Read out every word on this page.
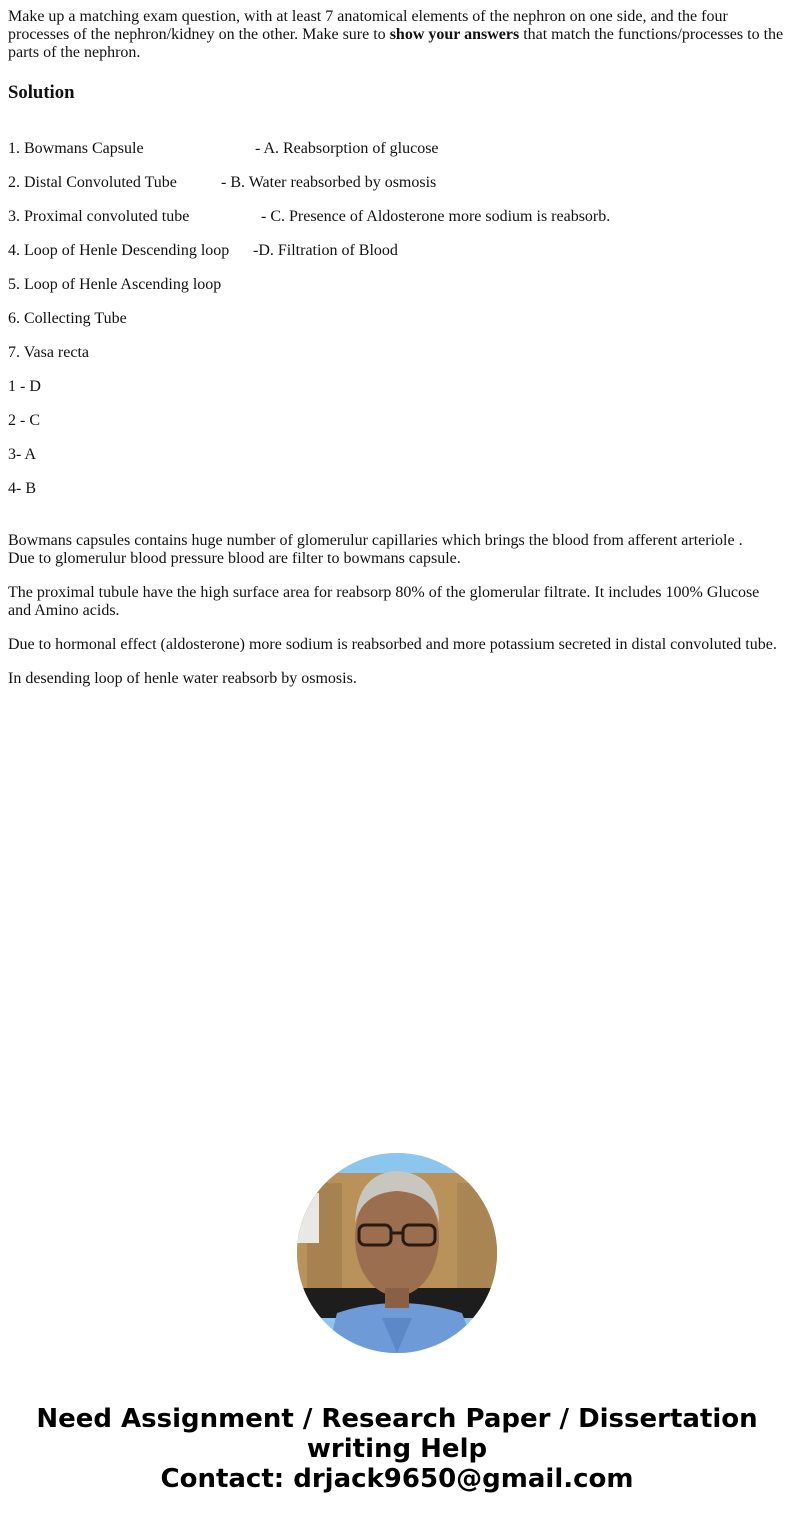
Make up a matching exam question, with at least 7 anatomical elements of the nephron on one side, and the four processes of the nephron/kidney on the other. Make sure to show your answers that match the functions/processes to the parts of the nephron.

Solution
1. Bowmans Capsule	- A. Reabsorption of glucose
2. Distal Convoluted Tube	- B. Water reabsorbed by osmosis
3. Proximal convoluted tube	- C. Presence of Aldosterone more sodium is reabsorb.
4. Loop of Henle Descending loop -D. Filtration of Blood
5. Loop of Henle Ascending loop
6. Collecting Tube
7. Vasa recta
1 - D
2 - C
3- A
4- B

Bowmans capsules contains huge number of glomerulur capillaries which brings the blood from afferent arteriole .
Due to glomerulur blood pressure blood are filter to bowmans capsule.

The proximal tubule have the high surface area for reabsorp 80% of the glomerular filtrate. It includes 100% Glucose and Amino acids.

Due to hormonal effect (aldosterone) more sodium is reabsorbed and more potassium secreted in distal convoluted tube.

In desending loop of henle water reabsorb by osmosis.

Need Assignment / Research Paper / Dissertation
writing Help
Contact: drjack9650@gmail.com
